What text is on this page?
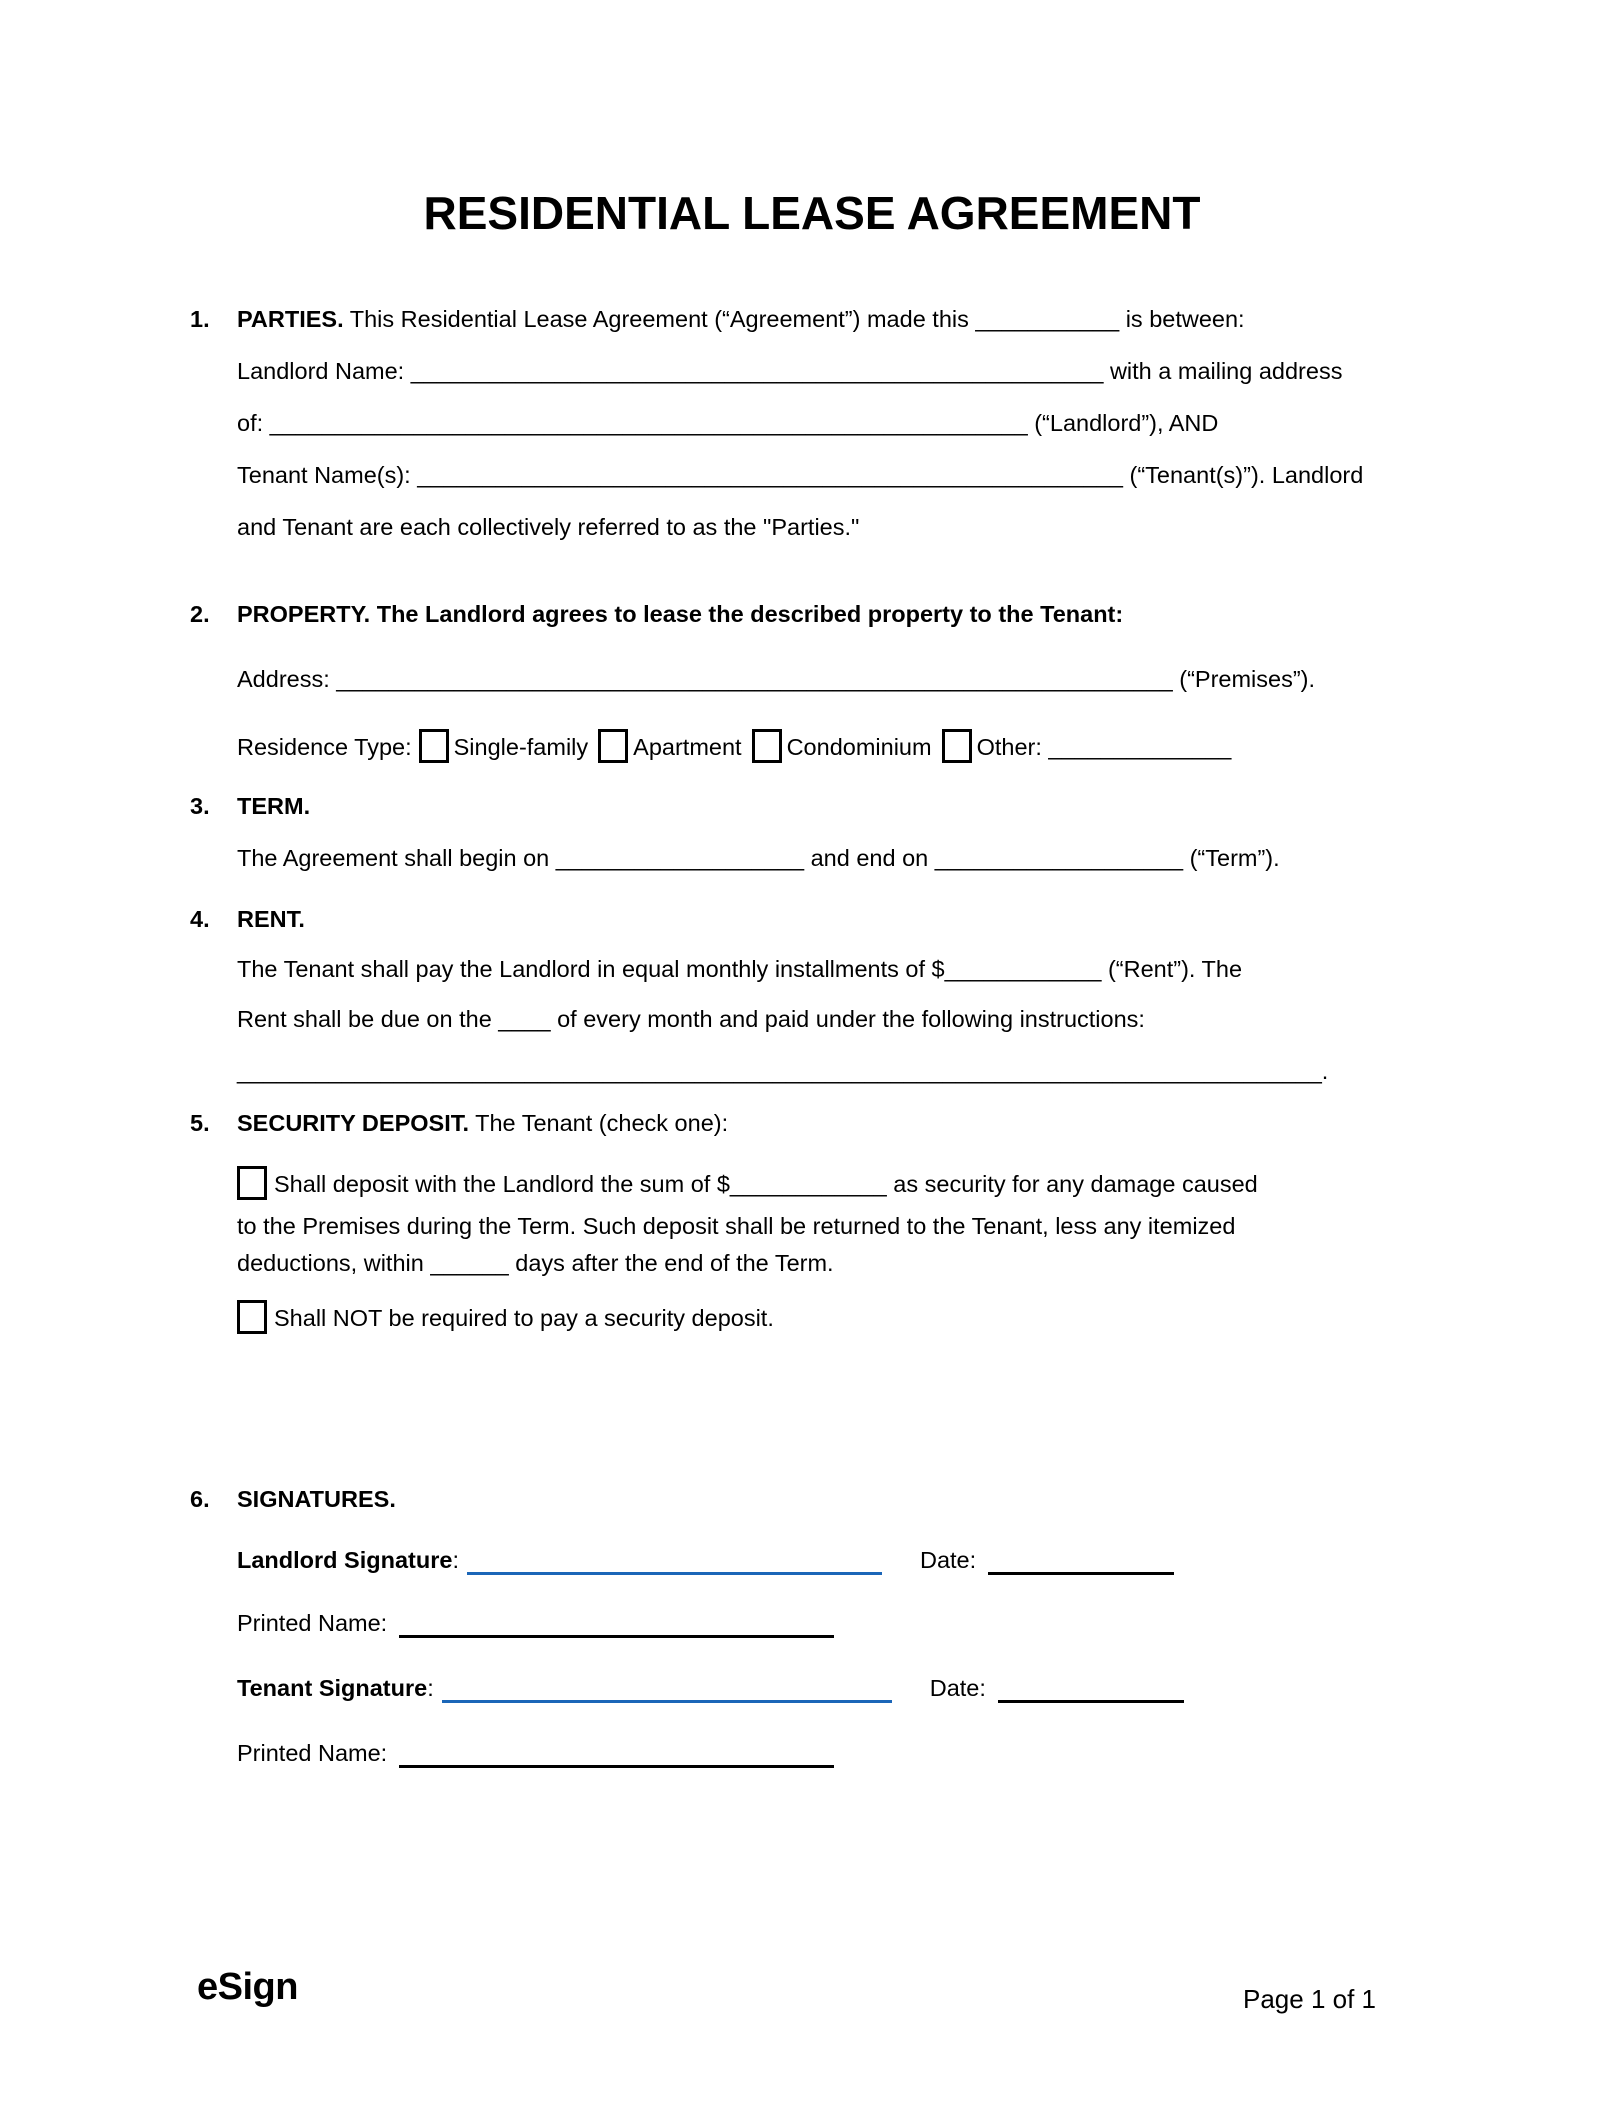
RESIDENTIAL LEASE AGREEMENT
1. PARTIES. This Residential Lease Agreement (“Agreement”) made this ___________ is between:
Landlord Name: _____________________________________________________ with a mailing address
of: __________________________________________________________ (“Landlord”), AND
Tenant Name(s): ______________________________________________________ (“Tenant(s)”). Landlord
and Tenant are each collectively referred to as the "Parties."
2. PROPERTY. The Landlord agrees to lease the described property to the Tenant:
Address: ________________________________________________________________ (“Premises”).
Residence Type: Single-family Apartment Condominium Other: ______________
3. TERM.
The Agreement shall begin on ___________________ and end on ___________________ (“Term”).
4. RENT.
The Tenant shall pay the Landlord in equal monthly installments of $____________ (“Rent”). The
Rent shall be due on the ____ of every month and paid under the following instructions:
___________________________________________________________________________________.
5. SECURITY DEPOSIT. The Tenant (check one):
Shall deposit with the Landlord the sum of $____________ as security for any damage caused
to the Premises during the Term. Such deposit shall be returned to the Tenant, less any itemized
deductions, within ______ days after the end of the Term.
Shall NOT be required to pay a security deposit.
6. SIGNATURES.
Landlord Signature:	Date:
Printed Name:
Tenant Signature:	Date:
Printed Name:
eSign	Page 1 of 1
